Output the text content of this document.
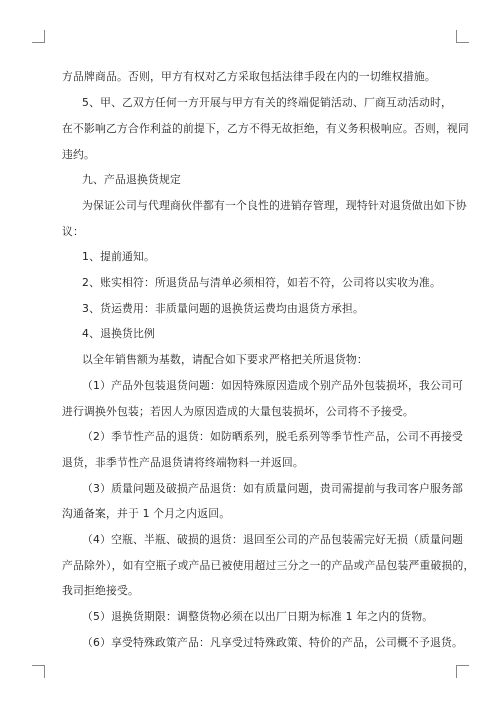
方品牌商品。否则，甲方有权对乙方采取包括法律手段在内的一切维权措施。
5、甲、乙双方任何一方开展与甲方有关的终端促销活动、厂商互动活动时，
在不影响乙方合作利益的前提下，乙方不得无故拒绝，有义务积极响应。否则，视同
违约。
九、产品退换货规定
为保证公司与代理商伙伴都有一个良性的进销存管理，现特针对退货做出如下协
议：
1、提前通知。
2、账实相符：所退货品与清单必须相符，如若不符，公司将以实收为准。
3、货运费用：非质量问题的退换货运费均由退货方承担。
4、退换货比例
以全年销售额为基数，请配合如下要求严格把关所退货物：
（1）产品外包装退货问题：如因特殊原因造成个别产品外包装损坏，我公司可
进行调换外包装；若因人为原因造成的大量包装损坏，公司将不予接受。
（2）季节性产品的退货：如防晒系列，脱毛系列等季节性产品，公司不再接受
退货，非季节性产品退货请将终端物料一并返回。
（3）质量问题及破损产品退货：如有质量问题，贵司需提前与我司客户服务部
沟通备案，并于 1 个月之内返回。
（4）空瓶、半瓶、破损的退货：退回至公司的产品包装需完好无损（质量问题
产品除外），如有空瓶子或产品已被使用超过三分之一的产品或产品包装严重破损的，
我司拒绝接受。
（5）退换货期限：调整货物必须在以出厂日期为标准 1 年之内的货物。
（6）享受特殊政策产品：凡享受过特殊政策、特价的产品，公司概不予退货。
